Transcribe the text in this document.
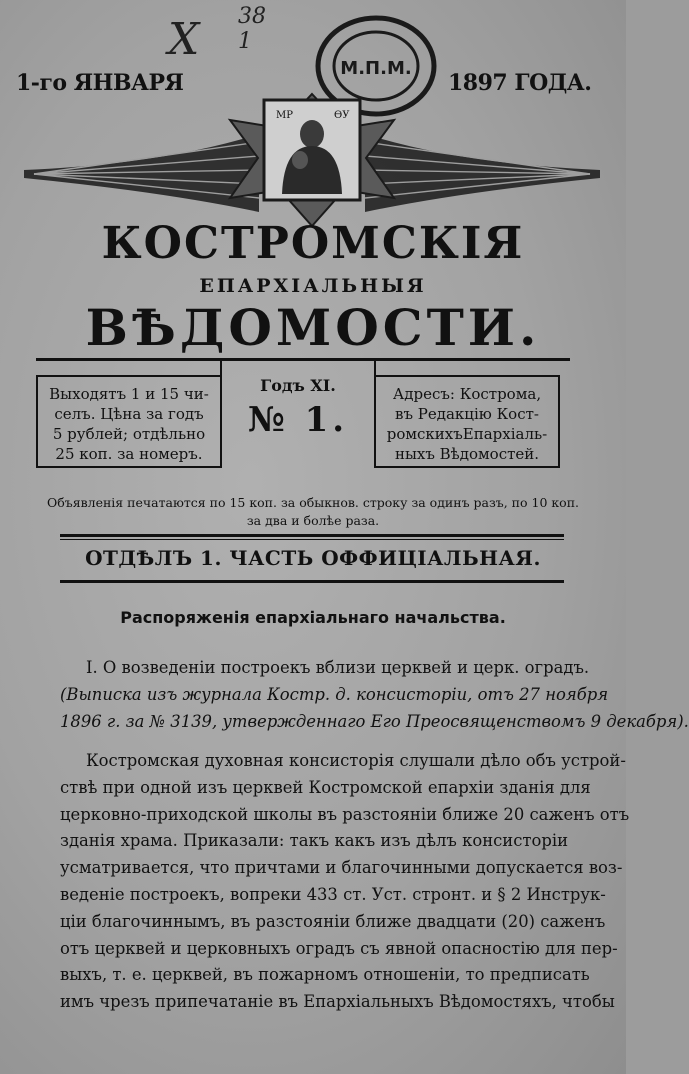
X 38
1
М.П.М.
1-го ЯНВАРЯ	1897 ГОДА.
МР	ѲУ
КОСТРОМСКІЯ
ЕПАРХІАЛЬНЫЯ
ВѢДОМОСТИ.
Выходятъ 1 и 15 чи-
селъ. Цѣна за годъ
5 рублей; отдѣльно
25 коп. за номеръ.
Годъ XI.
№ 1.
Адресъ: Кострома,
въ Редакцію Кост-
ромскихъЕпархіаль-
ныхъ Вѣдомостей.
Объявленія печатаются по 15 коп. за обыкнов. строку за одинъ разъ, по 10 коп.
за два и болѣе раза.
ОТДѢЛЪ 1. ЧАСТЬ ОФФИЦІАЛЬНАЯ.
Распоряженія епархіальнаго начальства.
I. О возведеніи построекъ вблизи церквей и церк. оградъ.
(Выписка изъ журнала Костр. д. консисторіи, отъ 27 ноября
1896 г. за № 3139, утвержденнаго Его Преосвященствомъ 9 декабря).
Костромская духовная консисторія слушали дѣло объ устрой-
ствѣ при одной изъ церквей Костромской епархіи зданія для
церковно-приходской школы въ разстояніи ближе 20 саженъ отъ
зданія храма. Приказали: такъ какъ изъ дѣлъ консисторіи
усматривается, что причтами и благочинными допускается воз-
веденіе построекъ, вопреки 433 ст. Уст. стронт. и § 2 Инструк-
ціи благочиннымъ, въ разстояніи ближе двадцати (20) саженъ
отъ церквей и церковныхъ оградъ съ явной опасностію для пер-
выхъ, т. е. церквей, въ пожарномъ отношеніи, то предписать
имъ чрезъ припечатаніе въ Епархіальныхъ Вѣдомостяхъ, чтобы
